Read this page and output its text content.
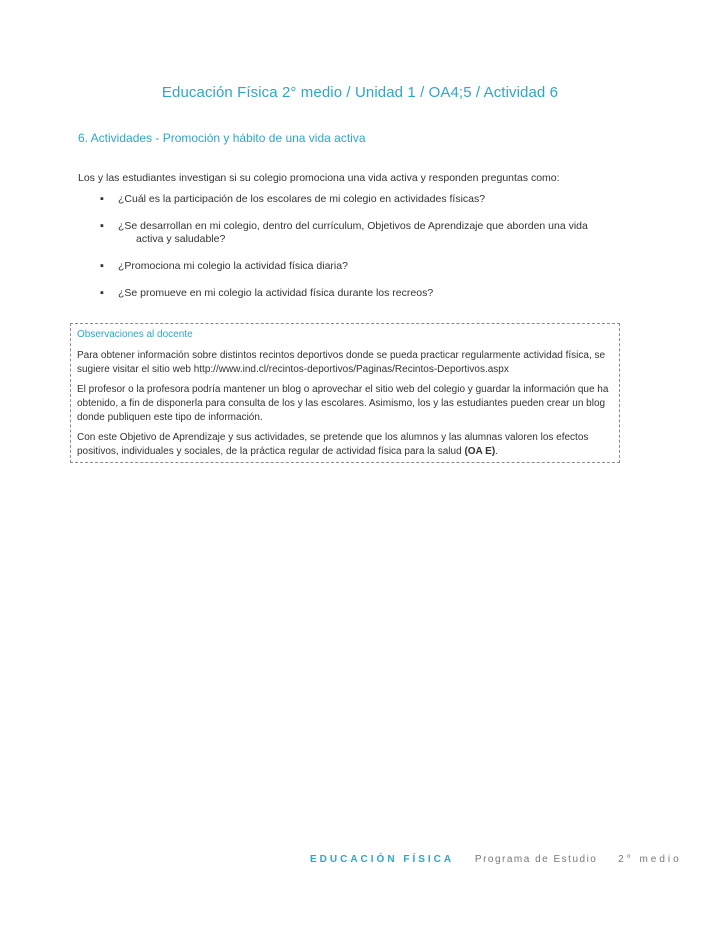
Educación Física 2° medio / Unidad 1 / OA4;5 / Actividad 6
6. Actividades - Promoción y hábito de una vida activa
Los y las estudiantes investigan si su colegio promociona una vida activa y responden preguntas como:
▪ ¿Cuál es la participación de los escolares de mi colegio en actividades físicas?
▪ ¿Se desarrollan en mi colegio, dentro del currículum, Objetivos de Aprendizaje que aborden una vida
activa y saludable?
▪ ¿Promociona mi colegio la actividad física diaria?
▪ ¿Se promueve en mi colegio la actividad física durante los recreos?
Observaciones al docente

Para obtener información sobre distintos recintos deportivos donde se pueda practicar regularmente actividad física, se sugiere visitar el sitio web http://www.ind.cl/recintos-deportivos/Paginas/Recintos-Deportivos.aspx

El profesor o la profesora podría mantener un blog o aprovechar el sitio web del colegio y guardar la información que ha obtenido, a fin de disponerla para consulta de los y las escolares. Asimismo, los y las estudiantes pueden crear un blog donde publiquen este tipo de información.

Con este Objetivo de Aprendizaje y sus actividades, se pretende que los alumnos y las alumnas valoren los efectos positivos, individuales y sociales, de la práctica regular de actividad física para la salud (OA E).

EDUCACIÓN FÍSICA Programa de Estudio 2° medio
